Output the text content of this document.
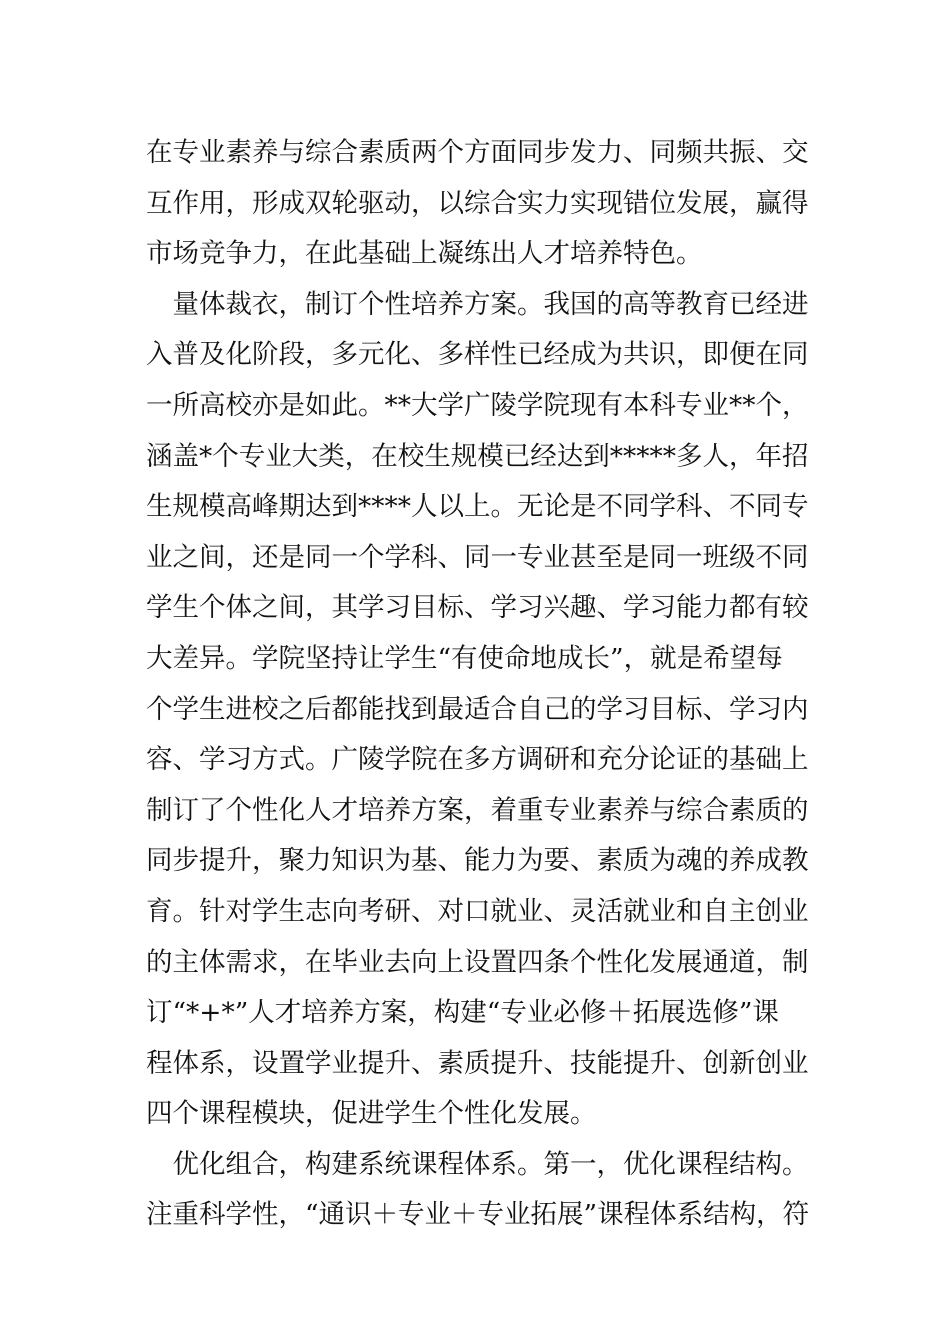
在专业素养与综合素质两个方面同步发力、同频共振、交
互作用，形成双轮驱动，以综合实力实现错位发展，赢得
市场竞争力，在此基础上凝练出人才培养特色。
　量体裁衣，制订个性培养方案。我国的高等教育已经进
入普及化阶段，多元化、多样性已经成为共识，即便在同
一所高校亦是如此。**大学广陵学院现有本科专业**个，
涵盖*个专业大类，在校生规模已经达到*****多人，年招
生规模高峰期达到****人以上。无论是不同学科、不同专
业之间，还是同一个学科、同一专业甚至是同一班级不同
学生个体之间，其学习目标、学习兴趣、学习能力都有较
大差异。学院坚持让学生“有使命地成长”，就是希望每
个学生进校之后都能找到最适合自己的学习目标、学习内
容、学习方式。广陵学院在多方调研和充分论证的基础上
制订了个性化人才培养方案，着重专业素养与综合素质的
同步提升，聚力知识为基、能力为要、素质为魂的养成教
育。针对学生志向考研、对口就业、灵活就业和自主创业
的主体需求，在毕业去向上设置四条个性化发展通道，制
订“*+*”人才培养方案，构建“专业必修＋拓展选修”课
程体系，设置学业提升、素质提升、技能提升、创新创业
四个课程模块，促进学生个性化发展。
　优化组合，构建系统课程体系。第一，优化课程结构。
注重科学性，“通识＋专业＋专业拓展”课程体系结构，符
